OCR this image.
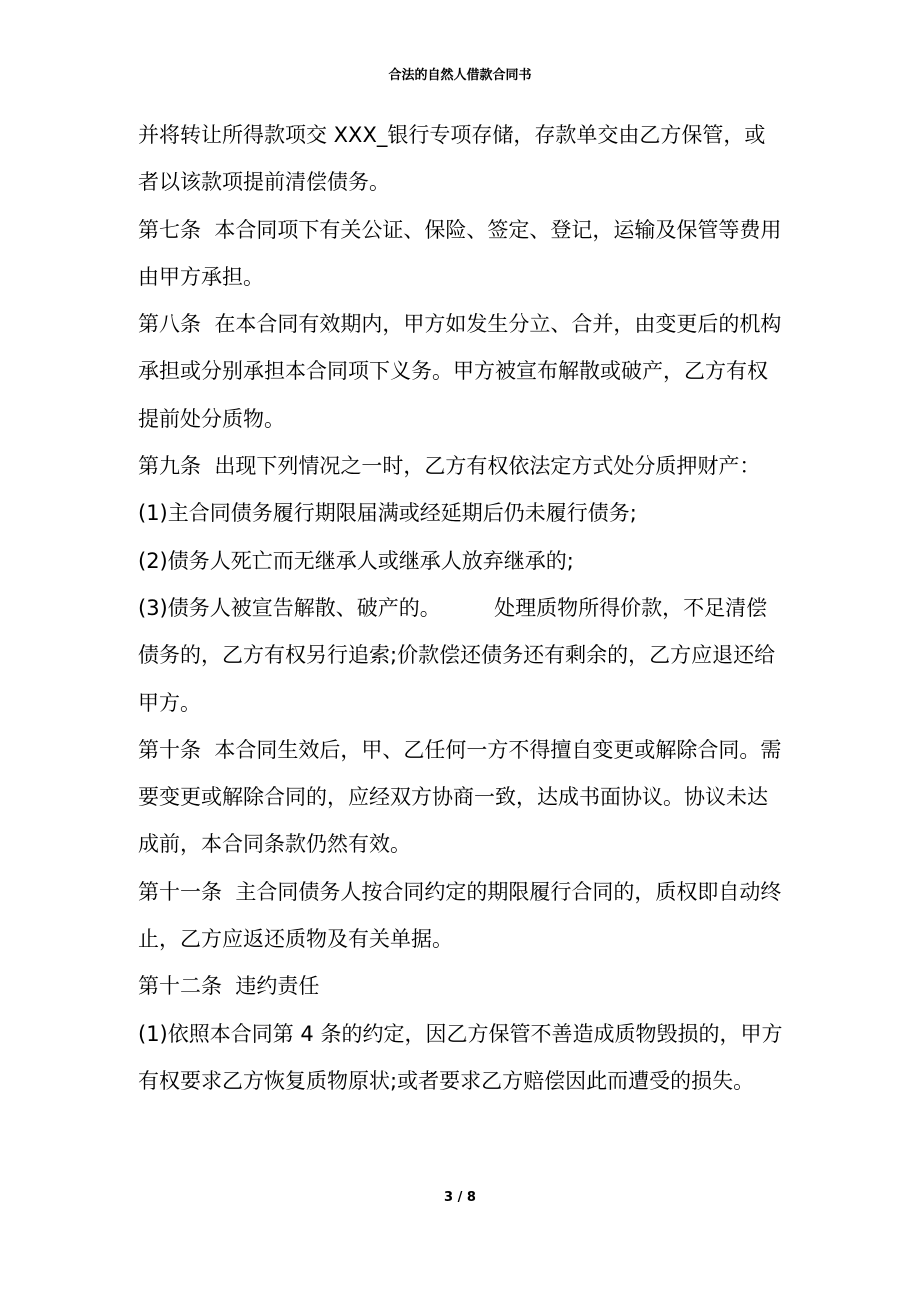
合法的自然人借款合同书

并将转让所得款项交 XXX_银行专项存储，存款单交由乙方保管，或者以该款项提前清偿债务。

第七条  本合同项下有关公证、保险、签定、登记，运输及保管等费用由甲方承担。

第八条  在本合同有效期内，甲方如发生分立、合并，由变更后的机构承担或分别承担本合同项下义务。甲方被宣布解散或破产，乙方有权提前处分质物。

第九条  出现下列情况之一时，乙方有权依法定方式处分质押财产：

(1)主合同债务履行期限届满或经延期后仍未履行债务;

(2)债务人死亡而无继承人或继承人放弃继承的;

(3)债务人被宣告解散、破产的。        处理质物所得价款，不足清偿债务的，乙方有权另行追索;价款偿还债务还有剩余的，乙方应退还给甲方。

第十条  本合同生效后，甲、乙任何一方不得擅自变更或解除合同。需要变更或解除合同的，应经双方协商一致，达成书面协议。协议未达成前，本合同条款仍然有效。

第十一条  主合同债务人按合同约定的期限履行合同的，质权即自动终止，乙方应返还质物及有关单据。

第十二条  违约责任

(1)依照本合同第 4 条的约定，因乙方保管不善造成质物毁损的，甲方有权要求乙方恢复质物原状;或者要求乙方赔偿因此而遭受的损失。

3 / 8
